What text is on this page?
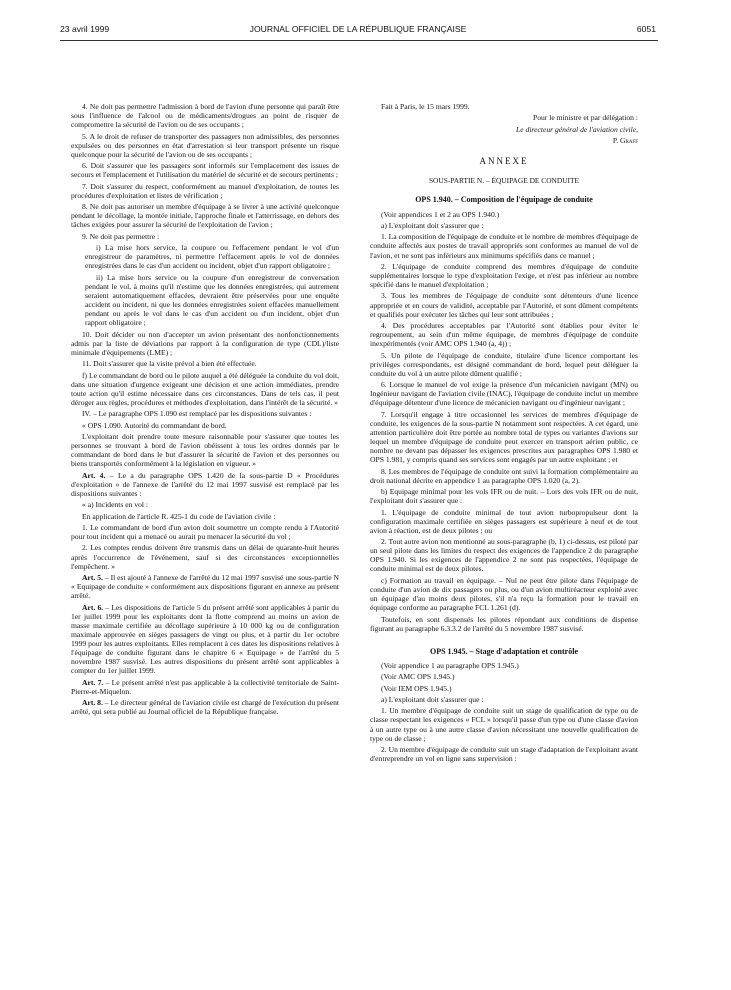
23 avril 1999	JOURNAL OFFICIEL DE LA RÉPUBLIQUE FRANÇAISE	6051

4. Ne doit pas permettre l'admission à bord de l'avion d'une personne qui paraît être sous l'influence de l'alcool ou de médicaments/drogues au point de risquer de compromettre la sécurité de l'avion ou de ses occupants ;

5. A le droit de refuser de transporter des passagers non admissibles, des personnes expulsées ou des personnes en état d'arrestation si leur transport présente un risque quelconque pour la sécurité de l'avion ou de ses occupants ;

6. Doit s'assurer que les passagers sont informés sur l'emplacement des issues de secours et l'emplacement et l'utilisation du matériel de sécurité et de secours pertinents ;

7. Doit s'assurer du respect, conformément au manuel d'exploitation, de toutes les procédures d'exploitation et listes de vérification ;

8. Ne doit pas autoriser un membre d'équipage à se livrer à une activité quelconque pendant le décollage, la montée initiale, l'approche finale et l'atterrissage, en dehors des tâches exigées pour assurer la sécurité de l'exploitation de l'avion ;

9. Ne doit pas permettre :

i) La mise hors service, la coupure ou l'effacement pendant le vol d'un enregistreur de paramètres, ni permettre l'effacement après le vol de données enregistrées dans le cas d'un accident ou incident, objet d'un rapport obligatoire ;

ii) La mise hors service ou la coupure d'un enregistreur de conversation pendant le vol, à moins qu'il n'estime que les données enregistrées, qui autrement seraient automatiquement effacées, devraient être préservées pour une enquête accident ou incident, ni que les données enregistrées soient effacées manuellement pendant ou après le vol dans le cas d'un accident ou d'un incident, objet d'un rapport obligatoire ;

10. Doit décider ou non d'accepter un avion présentant des nonfonctionnements admis par la liste de déviations par rapport à la configuration de type (CDL)/liste minimale d'équipements (LME) ;

11. Doit s'assurer que la visite prévol a bien été effectuée.

f) Le commandant de bord ou le pilote auquel a été déléguée la conduite du vol doit, dans une situation d'urgence exigeant une décision et une action immédiates, prendre toute action qu'il estime nécessaire dans ces circonstances. Dans de tels cas, il peut déroger aux règles, procédures et méthodes d'exploitation, dans l'intérêt de la sécurité. »

IV. – Le paragraphe OPS 1.090 est remplacé par les dispositions suivantes :

« OPS 1.090. Autorité du commandant de bord.

L'exploitant doit prendre toute mesure raisonnable pour s'assurer que toutes les personnes se trouvant à bord de l'avion obéissent à tous les ordres donnés par le commandant de bord dans le but d'assurer la sécurité de l'avion et des personnes ou biens transportés conformément à la législation en vigueur. »

Art. 4. – Le a du paragraphe OPS 1.420 de la sous-partie D « Procédures d'exploitation » de l'annexe de l'arrêté du 12 mai 1997 susvisé est remplacé par les dispositions suivantes :

« a) Incidents en vol :

En application de l'article R. 425-1 du code de l'aviation civile :

1. Le commandant de bord d'un avion doit soumettre un compte rendu à l'Autorité pour tout incident qui a menacé ou aurait pu menacer la sécurité du vol ;

2. Les comptes rendus doivent être transmis dans un délai de quarante-huit heures après l'occurrence de l'événement, sauf si des circonstances exceptionnelles l'empêchent. »

Art. 5. – Il est ajouté à l'annexe de l'arrêté du 12 mai 1997 susvisé une sous-partie N « Equipage de conduite » conformément aux dispositions figurant en annexe au présent arrêté.

Art. 6. – Les dispositions de l'article 5 du présent arrêté sont applicables à partir du 1er juillet 1999 pour les exploitants dont la flotte comprend au moins un avion de masse maximale certifiée au décollage supérieure à 10 000 kg ou de configuration maximale approuvée en sièges passagers de vingt ou plus, et à partir du 1er octobre 1999 pour les autres exploitants. Elles remplacent à ces dates les dispositions relatives à l'équipage de conduite figurant dans le chapitre 6 « Equipage » de l'arrêté du 5 novembre 1987 susvisé. Les autres dispositions du présent arrêté sont applicables à compter du 1er juillet 1999.

Art. 7. – Le présent arrêté n'est pas applicable à la collectivité territoriale de Saint-Pierre-et-Miquelon.

Art. 8. – Le directeur général de l'aviation civile est chargé de l'exécution du présent arrêté, qui sera publié au Journal officiel de la République française.

Fait à Paris, le 15 mars 1999.

Pour le ministre et par délégation :

Le directeur général de l'aviation civile,

P. Graff

ANNEXE

SOUS-PARTIE N. – ÉQUIPAGE DE CONDUITE

OPS 1.940. – Composition de l'équipage de conduite

(Voir appendices 1 et 2 au OPS 1.940.)

a) L'exploitant doit s'assurer que :

1. La composition de l'équipage de conduite et le nombre de membres d'équipage de conduite affectés aux postes de travail appropriés sont conformes au manuel de vol de l'avion, et ne sont pas inférieurs aux minimums spécifiés dans ce manuel ;

2. L'équipage de conduite comprend des membres d'équipage de conduite supplémentaires lorsque le type d'exploitation l'exige, et n'est pas inférieur au nombre spécifié dans le manuel d'exploitation ;

3. Tous les membres de l'équipage de conduite sont détenteurs d'une licence appropriée et en cours de validité, acceptable par l'Autorité, et sont dûment compétents et qualifiés pour exécuter les tâches qui leur sont attribuées ;

4. Des procédures acceptables par l'Autorité sont établies pour éviter le regroupement, au sein d'un même équipage, de membres d'équipage de conduite inexpérimentés (voir AMC OPS 1.940 (a, 4)) ;

5. Un pilote de l'équipage de conduite, titulaire d'une licence comportant les privilèges correspondants, est désigné commandant de bord, lequel peut déléguer la conduite du vol à un autre pilote dûment qualifié ;

6. Lorsque le manuel de vol exige la présence d'un mécanicien navigant (MN) ou Ingénieur navigant de l'aviation civile (INAC), l'équipage de conduite inclut un membre d'équipage détenteur d'une licence de mécanicien navigant ou d'ingénieur navigant ;

7. Lorsqu'il engage à titre occasionnel les services de membres d'équipage de conduite, les exigences de la sous-partie N notamment sont respectées. A cet égard, une attention particulière doit être portée au nombre total de types ou variantes d'avions sur lequel un membre d'équipage de conduite peut exercer en transport aérien public, ce nombre ne devant pas dépasser les exigences prescrites aux paragraphes OPS 1.980 et OPS 1.981, y compris quand ses services sont engagés par un autre exploitant ; et

8. Les membres de l'équipage de conduite ont suivi la formation complémentaire au droit national décrite en appendice 1 au paragraphe OPS 1.020 (a, 2).

b) Equipage minimal pour les vols IFR ou de nuit. – Lors des vols IFR ou de nuit, l'exploitant doit s'assurer que :

1. L'équipage de conduite minimal de tout avion turbopropulseur dont la configuration maximale certifiée en sièges passagers est supérieure à neuf et de tout avion à réaction, est de deux pilotes ; ou

2. Tout autre avion non mentionné au sous-paragraphe (b, 1) ci-dessus, est piloté par un seul pilote dans les limites du respect des exigences de l'appendice 2 du paragraphe OPS 1.940. Si les exigences de l'appendice 2 ne sont pas respectées, l'équipage de conduite minimal est de deux pilotes.

c) Formation au travail en équipage. – Nul ne peut être pilote dans l'équipage de conduite d'un avion de dix passagers ou plus, ou d'un avion multiréacteur exploité avec un équipage d'au moins deux pilotes, s'il n'a reçu la formation pour le travail en équipage conforme au paragraphe FCL 1.261 (d).

Toutefois, en sont dispensés les pilotes répondant aux conditions de dispense figurant au paragraphe 6.3.3.2 de l'arrêté du 5 novembre 1987 susvisé.

OPS 1.945. – Stage d'adaptation et contrôle

(Voir appendice 1 au paragraphe OPS 1.945.)

(Voir AMC OPS 1.945.)

(Voir IEM OPS 1.945.)

a) L'exploitant doit s'assurer que :

1. Un membre d'équipage de conduite suit un stage de qualification de type ou de classe respectant les exigences « FCL » lorsqu'il passe d'un type ou d'une classe d'avion à un autre type ou à une autre classe d'avion nécessitant une nouvelle qualification de type ou de classe ;

2. Un membre d'équipage de conduite suit un stage d'adaptation de l'exploitant avant d'entreprendre un vol en ligne sans supervision :
